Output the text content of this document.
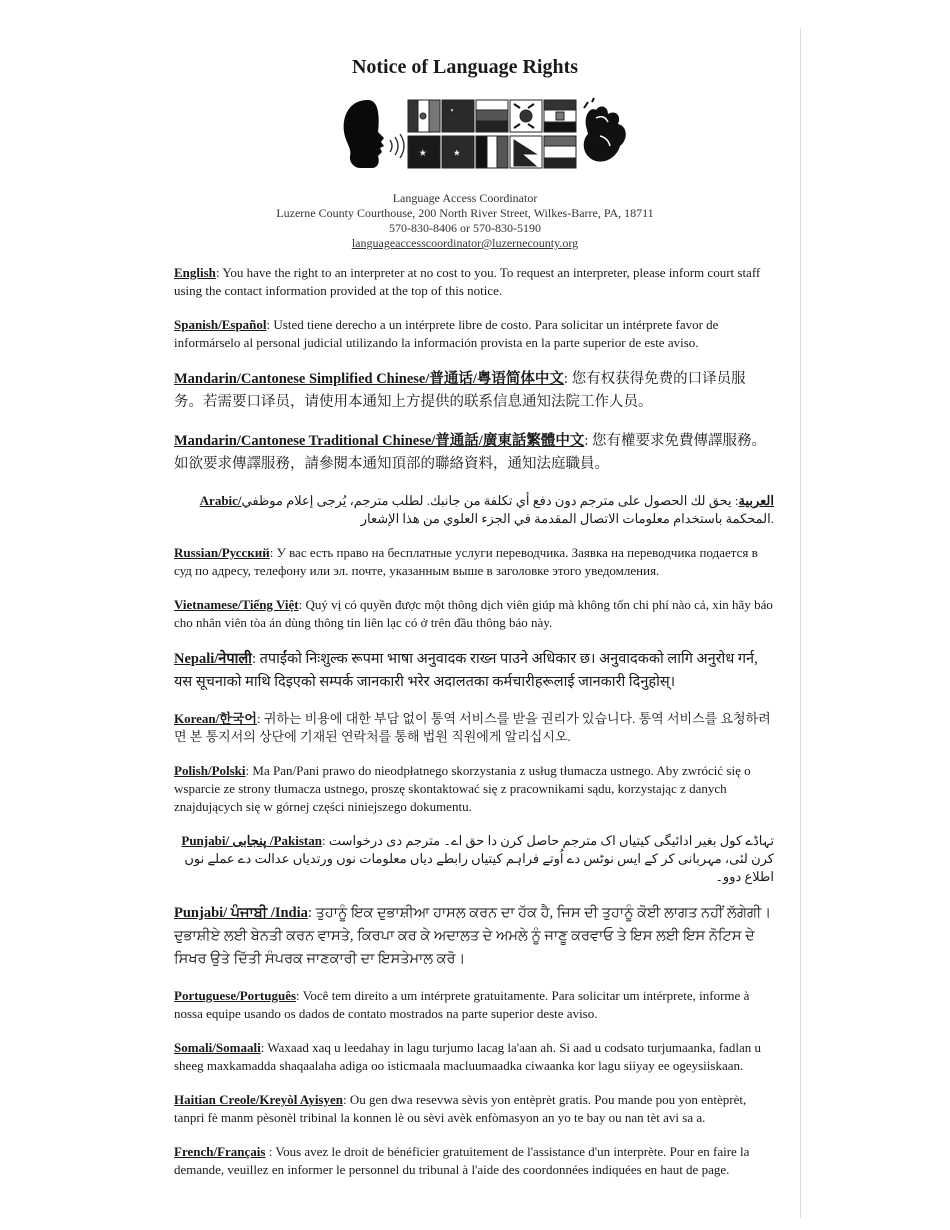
Notice of Language Rights
★
★ ★
Language Access Coordinator
Luzerne County Courthouse, 200 North River Street, Wilkes-Barre, PA, 18711
570-830-8406 or 570-830-5190
languageaccesscoordinator@luzernecounty.org

English: You have the right to an interpreter at no cost to you. To request an interpreter, please inform court staff using the contact information provided at the top of this notice.

Spanish/Español: Usted tiene derecho a un intérprete libre de costo. Para solicitar un intérprete favor de informárselo al personal judicial utilizando la información provista en la parte superior de este aviso.

Mandarin/Cantonese Simplified Chinese/普通话/粤语简体中文: 您有权获得免费的口译员服务。若需要口译员，请使用本通知上方提供的联系信息通知法院工作人员。

Mandarin/Cantonese Traditional Chinese/普通話/廣東話繁體中文: 您有權要求免費傳譯服務。如欲要求傳譯服務，請參閱本通知頂部的聯絡資料，通知法庭職員。

Arabic/العربية: يحق لك الحصول على مترجم دون دفع أي تكلفة من جانبك. لطلب مترجم، يُرجى إعلام موظفي المحكمة باستخدام معلومات الاتصال المقدمة في الجزء العلوي من هذا الإشعار.

Russian/Русский: У вас есть право на бесплатные услуги переводчика. Заявка на переводчика подается в суд по адресу, телефону или эл. почте, указанным выше в заголовке этого уведомления.

Vietnamese/Tiếng Việt: Quý vị có quyền được một thông dịch viên giúp mà không tốn chi phí nào cả, xin hãy báo cho nhân viên tòa án dùng thông tin liên lạc có ở trên đầu thông báo này.

Nepali/नेपाली: तपाईंको निःशुल्क रूपमा भाषा अनुवादक राख्न पाउने अधिकार छ। अनुवादकको लागि अनुरोध गर्न, यस सूचनाको माथि दिइएको सम्पर्क जानकारी भरेर अदालतका कर्मचारीहरूलाई जानकारी दिनुहोस्।

Korean/한국어: 귀하는 비용에 대한 부담 없이 통역 서비스를 받을 권리가 있습니다. 통역 서비스를 요청하려면 본 통지서의 상단에 기재된 연락처를 통해 법원 직원에게 알리십시오.

Polish/Polski: Ma Pan/Pani prawo do nieodpłatnego skorzystania z usług tłumacza ustnego. Aby zwrócić się o wsparcie ze strony tłumacza ustnego, proszę skontaktować się z pracownikami sądu, korzystając z danych znajdujących się w górnej części niniejszego dokumentu.

Punjabi/ پنجابی /Pakistan: تہاڈے کول بغیر ادائیگی کیتیاں اک مترجم حاصل کرن دا حق اے۔ مترجم دی درخواست کرن لئی، مہربانی کر کے ایس نوٹس دے اُوتے فراہم کیتیاں رابطے دیاں معلومات نوں ورتدیاں عدالت دے عملے نوں اطلاع دوو۔

Punjabi/ ਪੰਜਾਬੀ /India: ਤੁਹਾਨੂੰ ਇਕ ਦੁਭਾਸ਼ੀਆ ਹਾਸਲ ਕਰਨ ਦਾ ਹੱਕ ਹੈ, ਜਿਸ ਦੀ ਤੁਹਾਨੂੰ ਕੋਈ ਲਾਗਤ ਨਹੀਂ ਲੱਗੇਗੀ। ਦੁਭਾਸ਼ੀਏ ਲਈ ਬੇਨਤੀ ਕਰਨ ਵਾਸਤੇ, ਕਿਰਪਾ ਕਰ ਕੇ ਅਦਾਲਤ ਦੇ ਅਮਲੇ ਨੂੰ ਜਾਣੂ ਕਰਵਾਓ ਤੇ ਇਸ ਲਈ ਇਸ ਨੋਟਿਸ ਦੇ ਸਿਖਰ ਉਤੇ ਦਿੱਤੀ ਸੰਪਰਕ ਜਾਣਕਾਰੀ ਦਾ ਇਸਤੇਮਾਲ ਕਰੋ।

Portuguese/Português: Você tem direito a um intérprete gratuitamente. Para solicitar um intérprete, informe à nossa equipe usando os dados de contato mostrados na parte superior deste aviso.

Somali/Somaali: Waxaad xaq u leedahay in lagu turjumo lacag la'aan ah. Si aad u codsato turjumaanka, fadlan u sheeg maxkamadda shaqaalaha adiga oo isticmaala macluumaadka ciwaanka kor lagu siiyay ee ogeysiiskaan.

Haitian Creole/Kreyòl Ayisyen: Ou gen dwa resevwa sèvis yon entèprèt gratis. Pou mande pou yon entèprèt, tanpri fè manm pèsonèl tribinal la konnen lè ou sèvi avèk enfòmasyon an yo te bay ou nan tèt avi sa a.

French/Français : Vous avez le droit de bénéficier gratuitement de l'assistance d'un interprète. Pour en faire la demande, veuillez en informer le personnel du tribunal à l'aide des coordonnées indiquées en haut de page.
